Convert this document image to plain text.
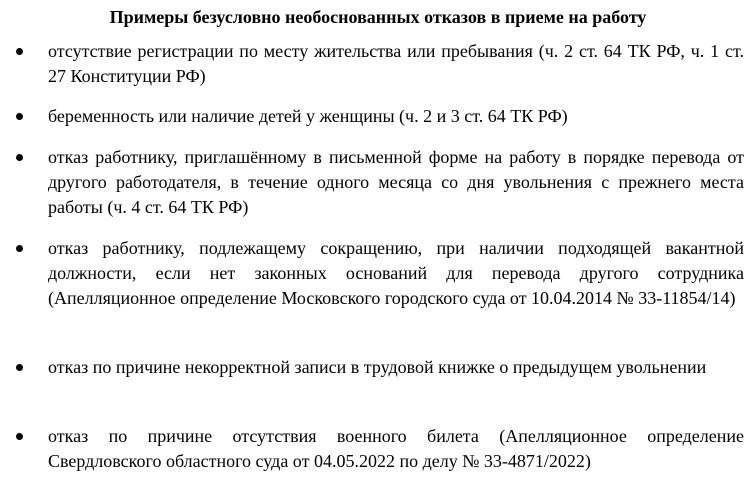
Примеры безусловно необоснованных отказов в приеме на работу
отсутствие регистрации по месту жительства или пребывания (ч. 2 ст. 64 ТК РФ, ч. 1 ст. 27 Конституции РФ)
беременность или наличие детей у женщины (ч. 2 и 3 ст. 64 ТК РФ)
отказ работнику, приглашённому в письменной форме на работу в порядке перевода от другого работодателя, в течение одного месяца со дня увольнения с прежнего места работы (ч. 4 ст. 64 ТК РФ)
отказ работнику, подлежащему сокращению, при наличии подходящей вакантной должности, если нет законных оснований для перевода другого сотрудника (Апелляционное определение Московского городского суда от 10.04.2014 № 33-11854/14)
отказ по причине некорректной записи в трудовой книжке о предыдущем увольнении
отказ по причине отсутствия военного билета (Апелляционное определение Свердловского областного суда от 04.05.2022 по делу № 33-4871/2022)
